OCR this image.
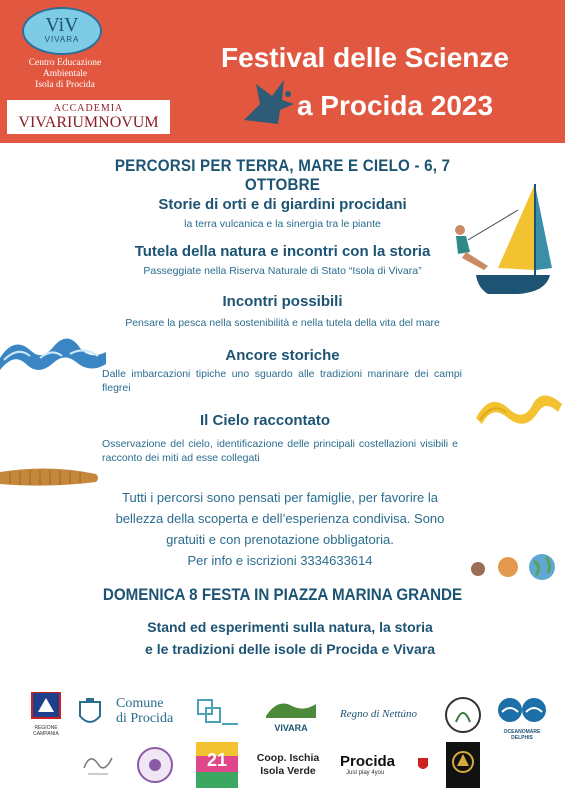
ViV
VIVARA
Centro Educazione
Ambientale
Isola di Procida
ACCADEMIA
VIVARIUMNOVUM
Festival delle Scienze
a Procida 2023
PERCORSI PER TERRA, MARE E CIELO - 6, 7 OTTOBRE
Storie di orti e di giardini procidani
la terra vulcanica e la sinergia tra le piante
Tutela della natura e incontri con la storia
Passeggiate nella Riserva Naturale di Stato “Isola di Vivara”
Incontri possibili
Pensare la pesca nella sostenibilità e nella tutela della vita del mare
Ancore storiche
Dalle imbarcazioni tipiche uno sguardo alle tradizioni marinare dei campi flegrei
Il Cielo raccontato
Osservazione del cielo, identificazione delle principali costellazioni visibili e racconto dei miti ad esse collegati
Tutti i percorsi sono pensati per famiglie, per favorire la
bellezza della scoperta e dell’esperienza condivisa. Sono
gratuiti e con prenotazione obbligatoria.
Per info e iscrizioni 3334633614
DOMENICA 8 FESTA IN PIAZZA MARINA GRANDE
Stand ed esperimenti sulla natura, la storia
e le tradizioni delle isole di Procida e Vivara
REGIONE CAMPANIA
Comune
di Procida
VIVARA
Regno di Nettúno
OCEANOMARE DELPHIS
21	Coop. Ischia
Isola Verde
Procida
Just play 4you
